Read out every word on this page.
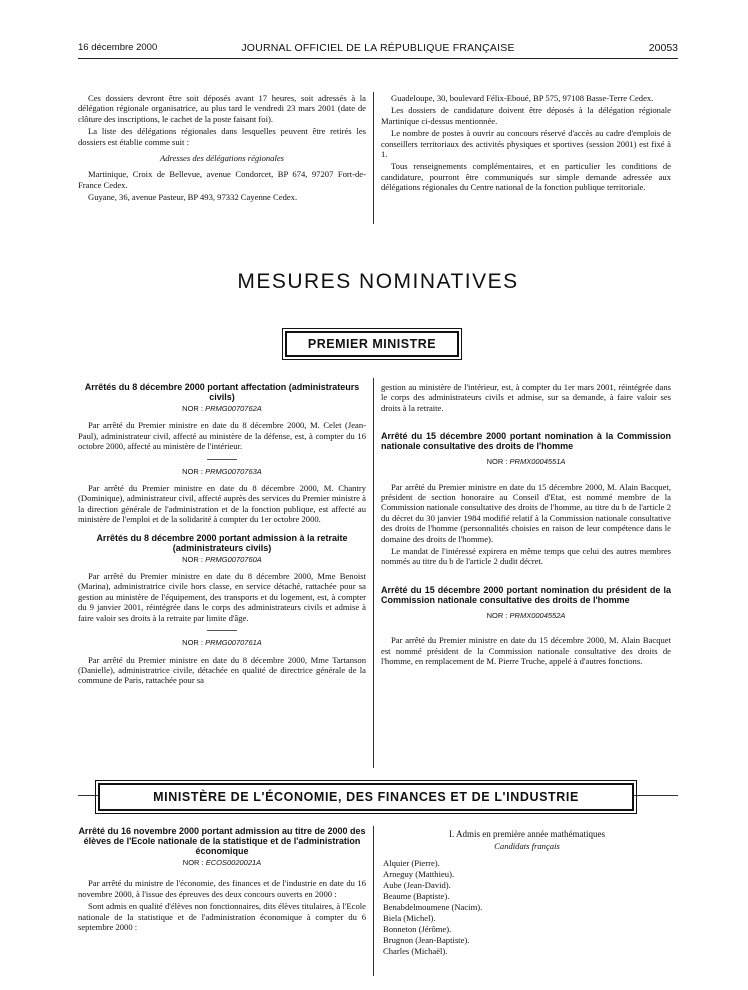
16 décembre 2000	JOURNAL OFFICIEL DE LA RÉPUBLIQUE FRANÇAISE	20053

Ces dossiers devront être soit déposés avant 17 heures, soit adressés à la délégation régionale organisatrice, au plus tard le vendredi 23 mars 2001 (date de clôture des inscriptions, le cachet de la poste faisant foi).

La liste des délégations régionales dans lesquelles peuvent être retirés les dossiers est établie comme suit :

Adresses des délégations régionales

Martinique, Croix de Bellevue, avenue Condorcet, BP 674, 97207 Fort-de-France Cedex.

Guyane, 36, avenue Pasteur, BP 493, 97332 Cayenne Cedex.

Guadeloupe, 30, boulevard Félix-Eboué, BP 575, 97108 Basse-Terre Cedex.

Les dossiers de candidature doivent être déposés à la délégation régionale Martinique ci-dessus mentionnée.

Le nombre de postes à ouvrir au concours réservé d'accès au cadre d'emplois de conseillers territoriaux des activités physiques et sportives (session 2001) est fixé à 1.

Tous renseignements complémentaires, et en particulier les conditions de candidature, pourront être communiqués sur simple demande adressée aux délégations régionales du Centre national de la fonction publique territoriale.

MESURES NOMINATIVES
PREMIER MINISTRE

Arrêtés du 8 décembre 2000 portant affectation (administrateurs civils)

NOR : PRMG0070762A

Par arrêté du Premier ministre en date du 8 décembre 2000, M. Celet (Jean-Paul), administrateur civil, affecté au ministère de la défense, est, à compter du 16 octobre 2000, affecté au ministère de l'intérieur.

NOR : PRMG0070763A

Par arrêté du Premier ministre en date du 8 décembre 2000, M. Chantry (Dominique), administrateur civil, affecté auprès des services du Premier ministre à la direction générale de l'administration et de la fonction publique, est affecté au ministère de l'emploi et de la solidarité à compter du 1er octobre 2000.

Arrêtés du 8 décembre 2000 portant admission à la retraite (administrateurs civils)

NOR : PRMG0070760A

Par arrêté du Premier ministre en date du 8 décembre 2000, Mme Benoist (Marina), administratrice civile hors classe, en service détaché, rattachée pour sa gestion au ministère de l'équipement, des transports et du logement, est, à compter du 9 janvier 2001, réintégrée dans le corps des administrateurs civils et admise à faire valoir ses droits à la retraite par limite d'âge.

NOR : PRMG0070761A

Par arrêté du Premier ministre en date du 8 décembre 2000, Mme Tartanson (Danielle), administratrice civile, détachée en qualité de directrice générale de la commune de Paris, rattachée pour sa

gestion au ministère de l'intérieur, est, à compter du 1er mars 2001, réintégrée dans le corps des administrateurs civils et admise, sur sa demande, à faire valoir ses droits à la retraite.

Arrêté du 15 décembre 2000 portant nomination à la Commission nationale consultative des droits de l'homme

NOR : PRMX0004551A

Par arrêté du Premier ministre en date du 15 décembre 2000, M. Alain Bacquet, président de section honoraire au Conseil d'Etat, est nommé membre de la Commission nationale consultative des droits de l'homme, au titre du b de l'article 2 du décret du 30 janvier 1984 modifié relatif à la Commission nationale consultative des droits de l'homme (personnalités choisies en raison de leur compétence dans le domaine des droits de l'homme).

Le mandat de l'intéressé expirera en même temps que celui des autres membres nommés au titre du b de l'article 2 dudit décret.

Arrêté du 15 décembre 2000 portant nomination du président de la Commission nationale consultative des droits de l'homme

NOR : PRMX0004552A

Par arrêté du Premier ministre en date du 15 décembre 2000, M. Alain Bacquet est nommé président de la Commission nationale consultative des droits de l'homme, en remplacement de M. Pierre Truche, appelé à d'autres fonctions.

MINISTÈRE DE L'ÉCONOMIE, DES FINANCES ET DE L'INDUSTRIE

Arrêté du 16 novembre 2000 portant admission au titre de 2000 des élèves de l'Ecole nationale de la statistique et de l'administration économique

NOR : ECOS0020021A

Par arrêté du ministre de l'économie, des finances et de l'industrie en date du 16 novembre 2000, à l'issue des épreuves des deux concours ouverts en 2000 :

Sont admis en qualité d'élèves non fonctionnaires, dits élèves titulaires, à l'Ecole nationale de la statistique et de l'administration économique à compter du 6 septembre 2000 :

I. Admis en première année mathématiques

Candidats français

Alquier (Pierre).
Arneguy (Matthieu).
Aube (Jean-David).
Beaume (Baptiste).
Benabdelmoumene (Nacim).
Biela (Michel).
Bonneton (Jérôme).
Brugnon (Jean-Baptiste).
Charles (Michaël).
